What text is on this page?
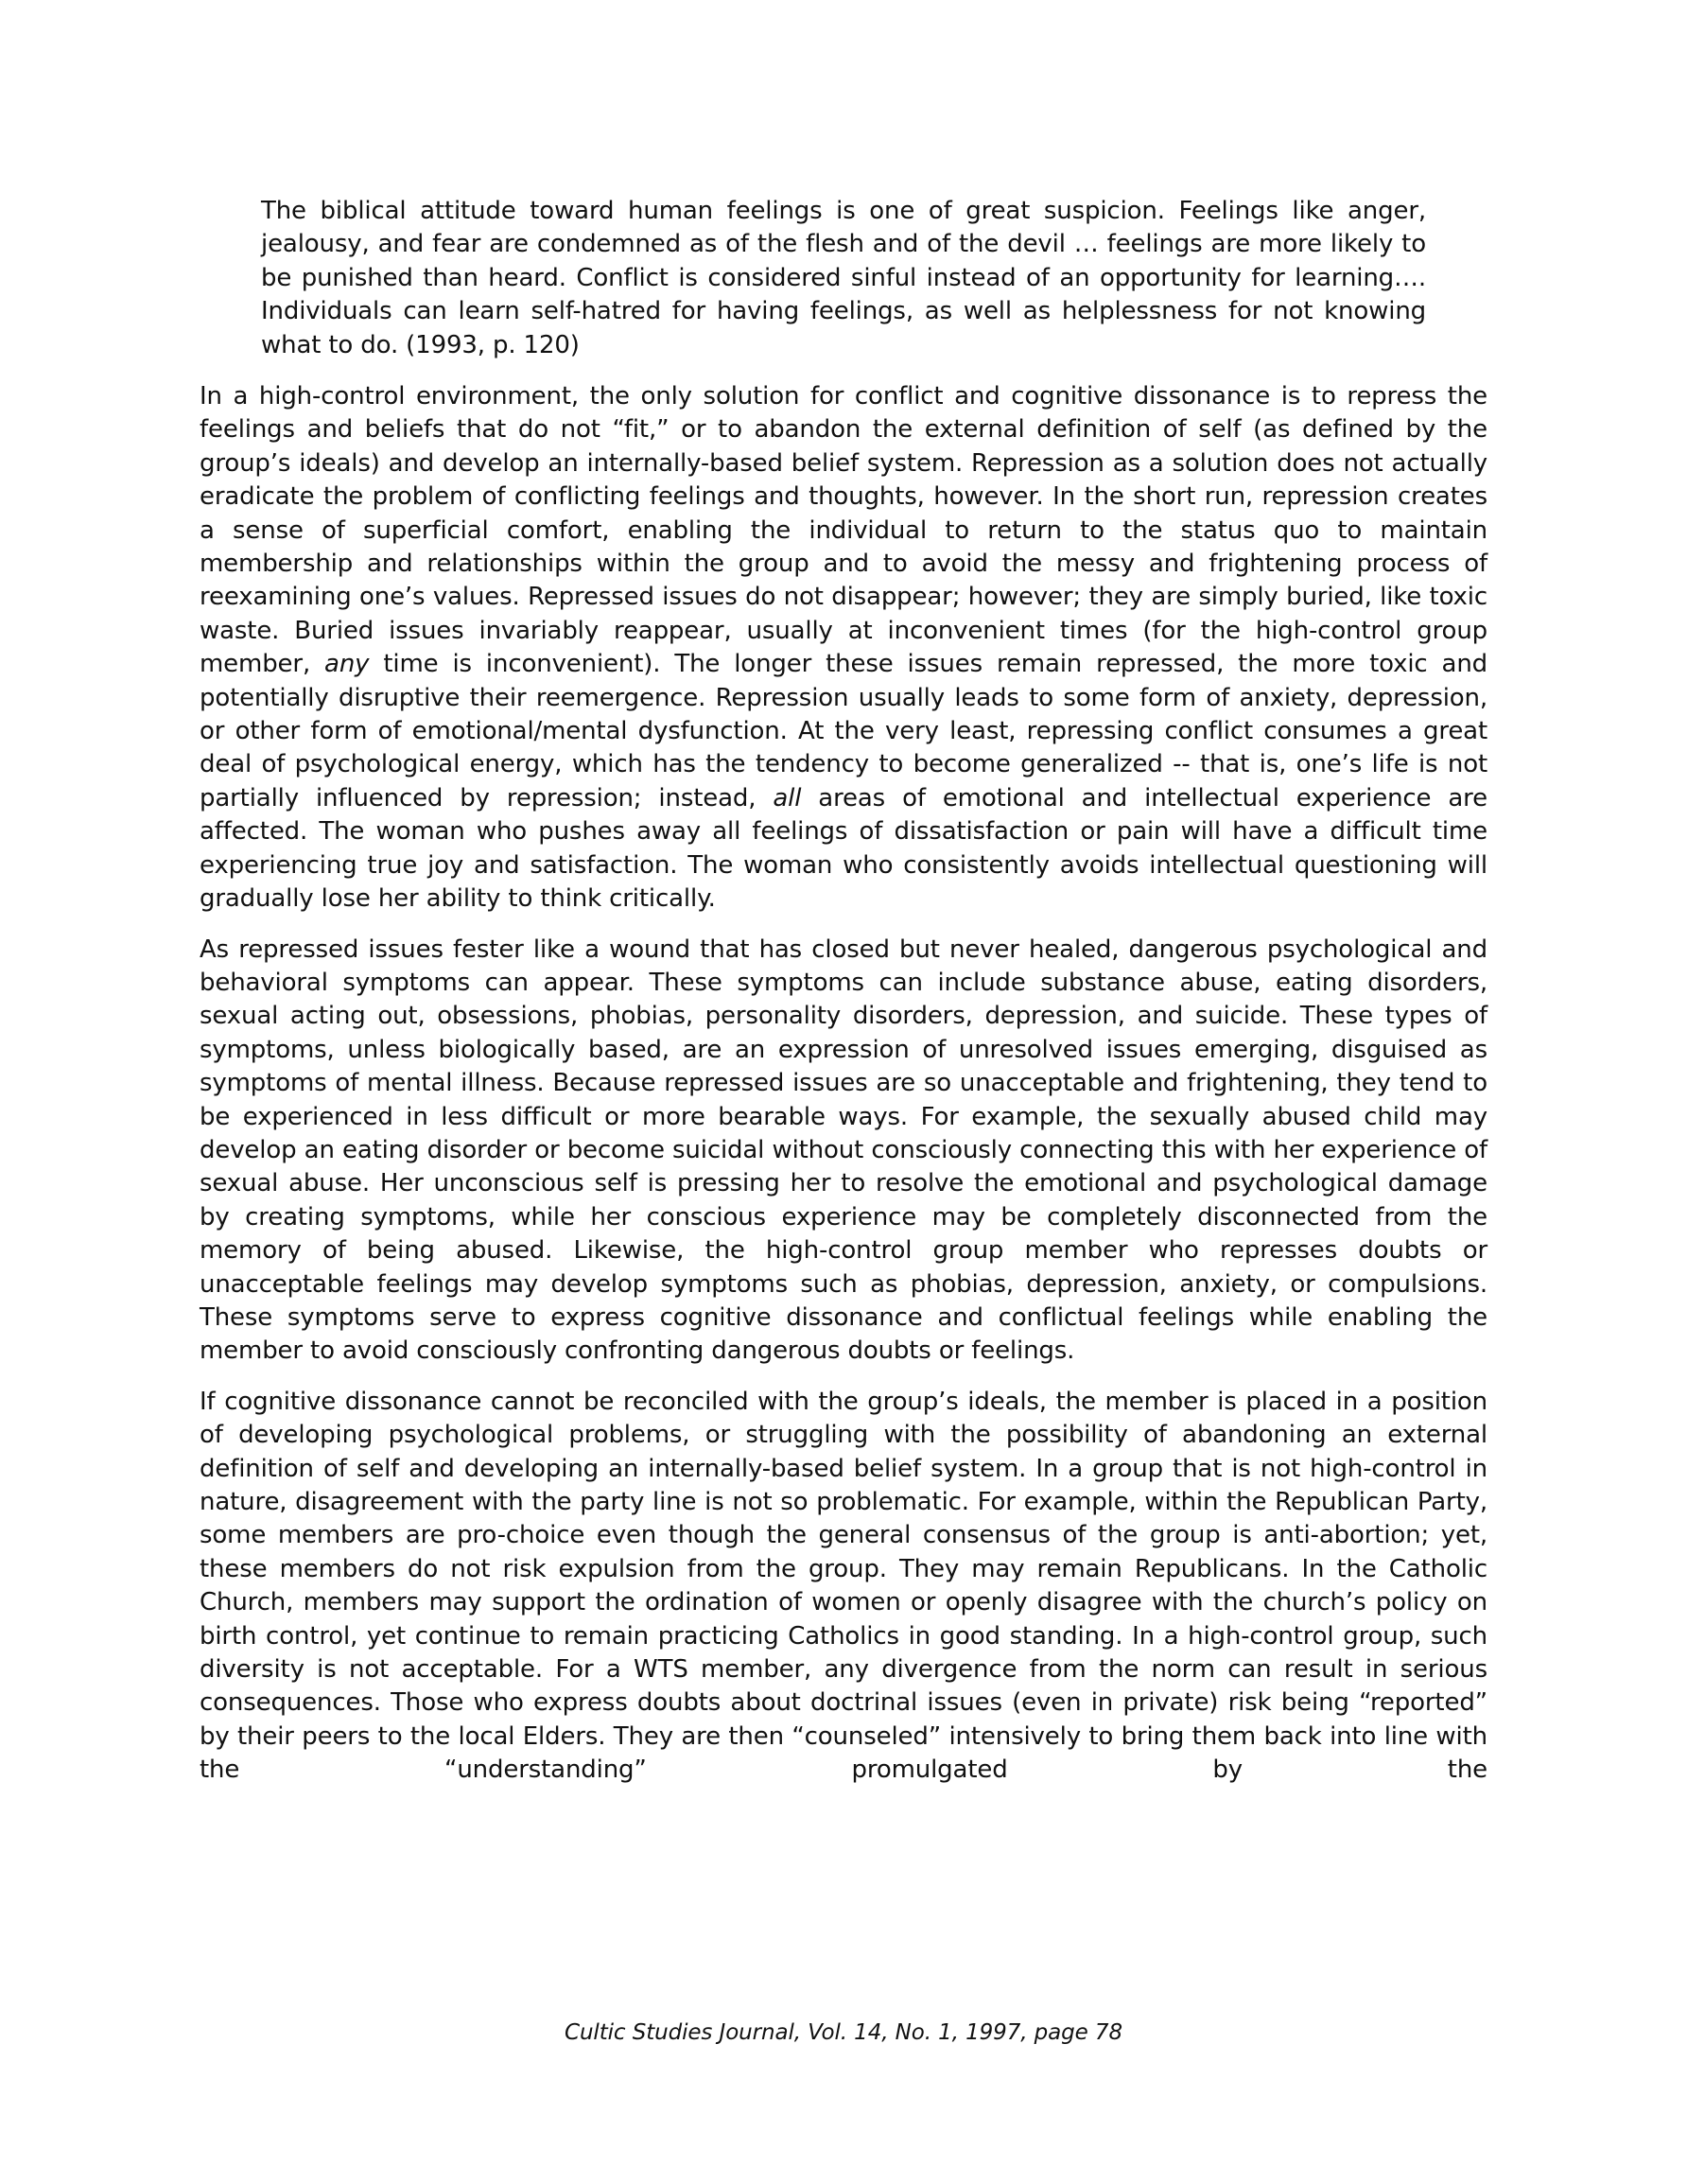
The biblical attitude toward human feelings is one of great suspicion. Feelings like anger, jealousy, and fear are condemned as of the flesh and of the devil … feelings are more likely to be punished than heard. Conflict is considered sinful instead of an opportunity for learning…. Individuals can learn self-hatred for having feelings, as well as helplessness for not knowing what to do. (1993, p. 120)

In a high-control environment, the only solution for conflict and cognitive dissonance is to repress the feelings and beliefs that do not “fit,” or to abandon the external definition of self (as defined by the group’s ideals) and develop an internally-based belief system. Repression as a solution does not actually eradicate the problem of conflicting feelings and thoughts, however. In the short run, repression creates a sense of superficial comfort, enabling the individual to return to the status quo to maintain membership and relationships within the group and to avoid the messy and frightening process of reexamining one’s values. Repressed issues do not disappear; however; they are simply buried, like toxic waste. Buried issues invariably reappear, usually at inconvenient times (for the high-control group member, any time is inconvenient). The longer these issues remain repressed, the more toxic and potentially disruptive their reemergence. Repression usually leads to some form of anxiety, depression, or other form of emotional/mental dysfunction. At the very least, repressing conflict consumes a great deal of psychological energy, which has the tendency to become generalized -- that is, one’s life is not partially influenced by repression; instead, all areas of emotional and intellectual experience are affected. The woman who pushes away all feelings of dissatisfaction or pain will have a difficult time experiencing true joy and satisfaction. The woman who consistently avoids intellectual questioning will gradually lose her ability to think critically.

As repressed issues fester like a wound that has closed but never healed, dangerous psychological and behavioral symptoms can appear. These symptoms can include substance abuse, eating disorders, sexual acting out, obsessions, phobias, personality disorders, depression, and suicide. These types of symptoms, unless biologically based, are an expression of unresolved issues emerging, disguised as symptoms of mental illness. Because repressed issues are so unacceptable and frightening, they tend to be experienced in less difficult or more bearable ways. For example, the sexually abused child may develop an eating disorder or become suicidal without consciously connecting this with her experience of sexual abuse. Her unconscious self is pressing her to resolve the emotional and psychological damage by creating symptoms, while her conscious experience may be completely disconnected from the memory of being abused. Likewise, the high-control group member who represses doubts or unacceptable feelings may develop symptoms such as phobias, depression, anxiety, or compulsions. These symptoms serve to express cognitive dissonance and conflictual feelings while enabling the member to avoid consciously confronting dangerous doubts or feelings.

If cognitive dissonance cannot be reconciled with the group’s ideals, the member is placed in a position of developing psychological problems, or struggling with the possibility of abandoning an external definition of self and developing an internally-based belief system. In a group that is not high-control in nature, disagreement with the party line is not so problematic. For example, within the Republican Party, some members are pro-choice even though the general consensus of the group is anti-abortion; yet, these members do not risk expulsion from the group. They may remain Republicans. In the Catholic Church, members may support the ordination of women or openly disagree with the church’s policy on birth control, yet continue to remain practicing Catholics in good standing. In a high-control group, such diversity is not acceptable. For a WTS member, any divergence from the norm can result in serious consequences. Those who express doubts about doctrinal issues (even in private) risk being “reported” by their peers to the local Elders. They are then “counseled” intensively to bring them back into line with the “understanding” promulgated by the

Cultic Studies Journal, Vol. 14, No. 1, 1997, page 78
